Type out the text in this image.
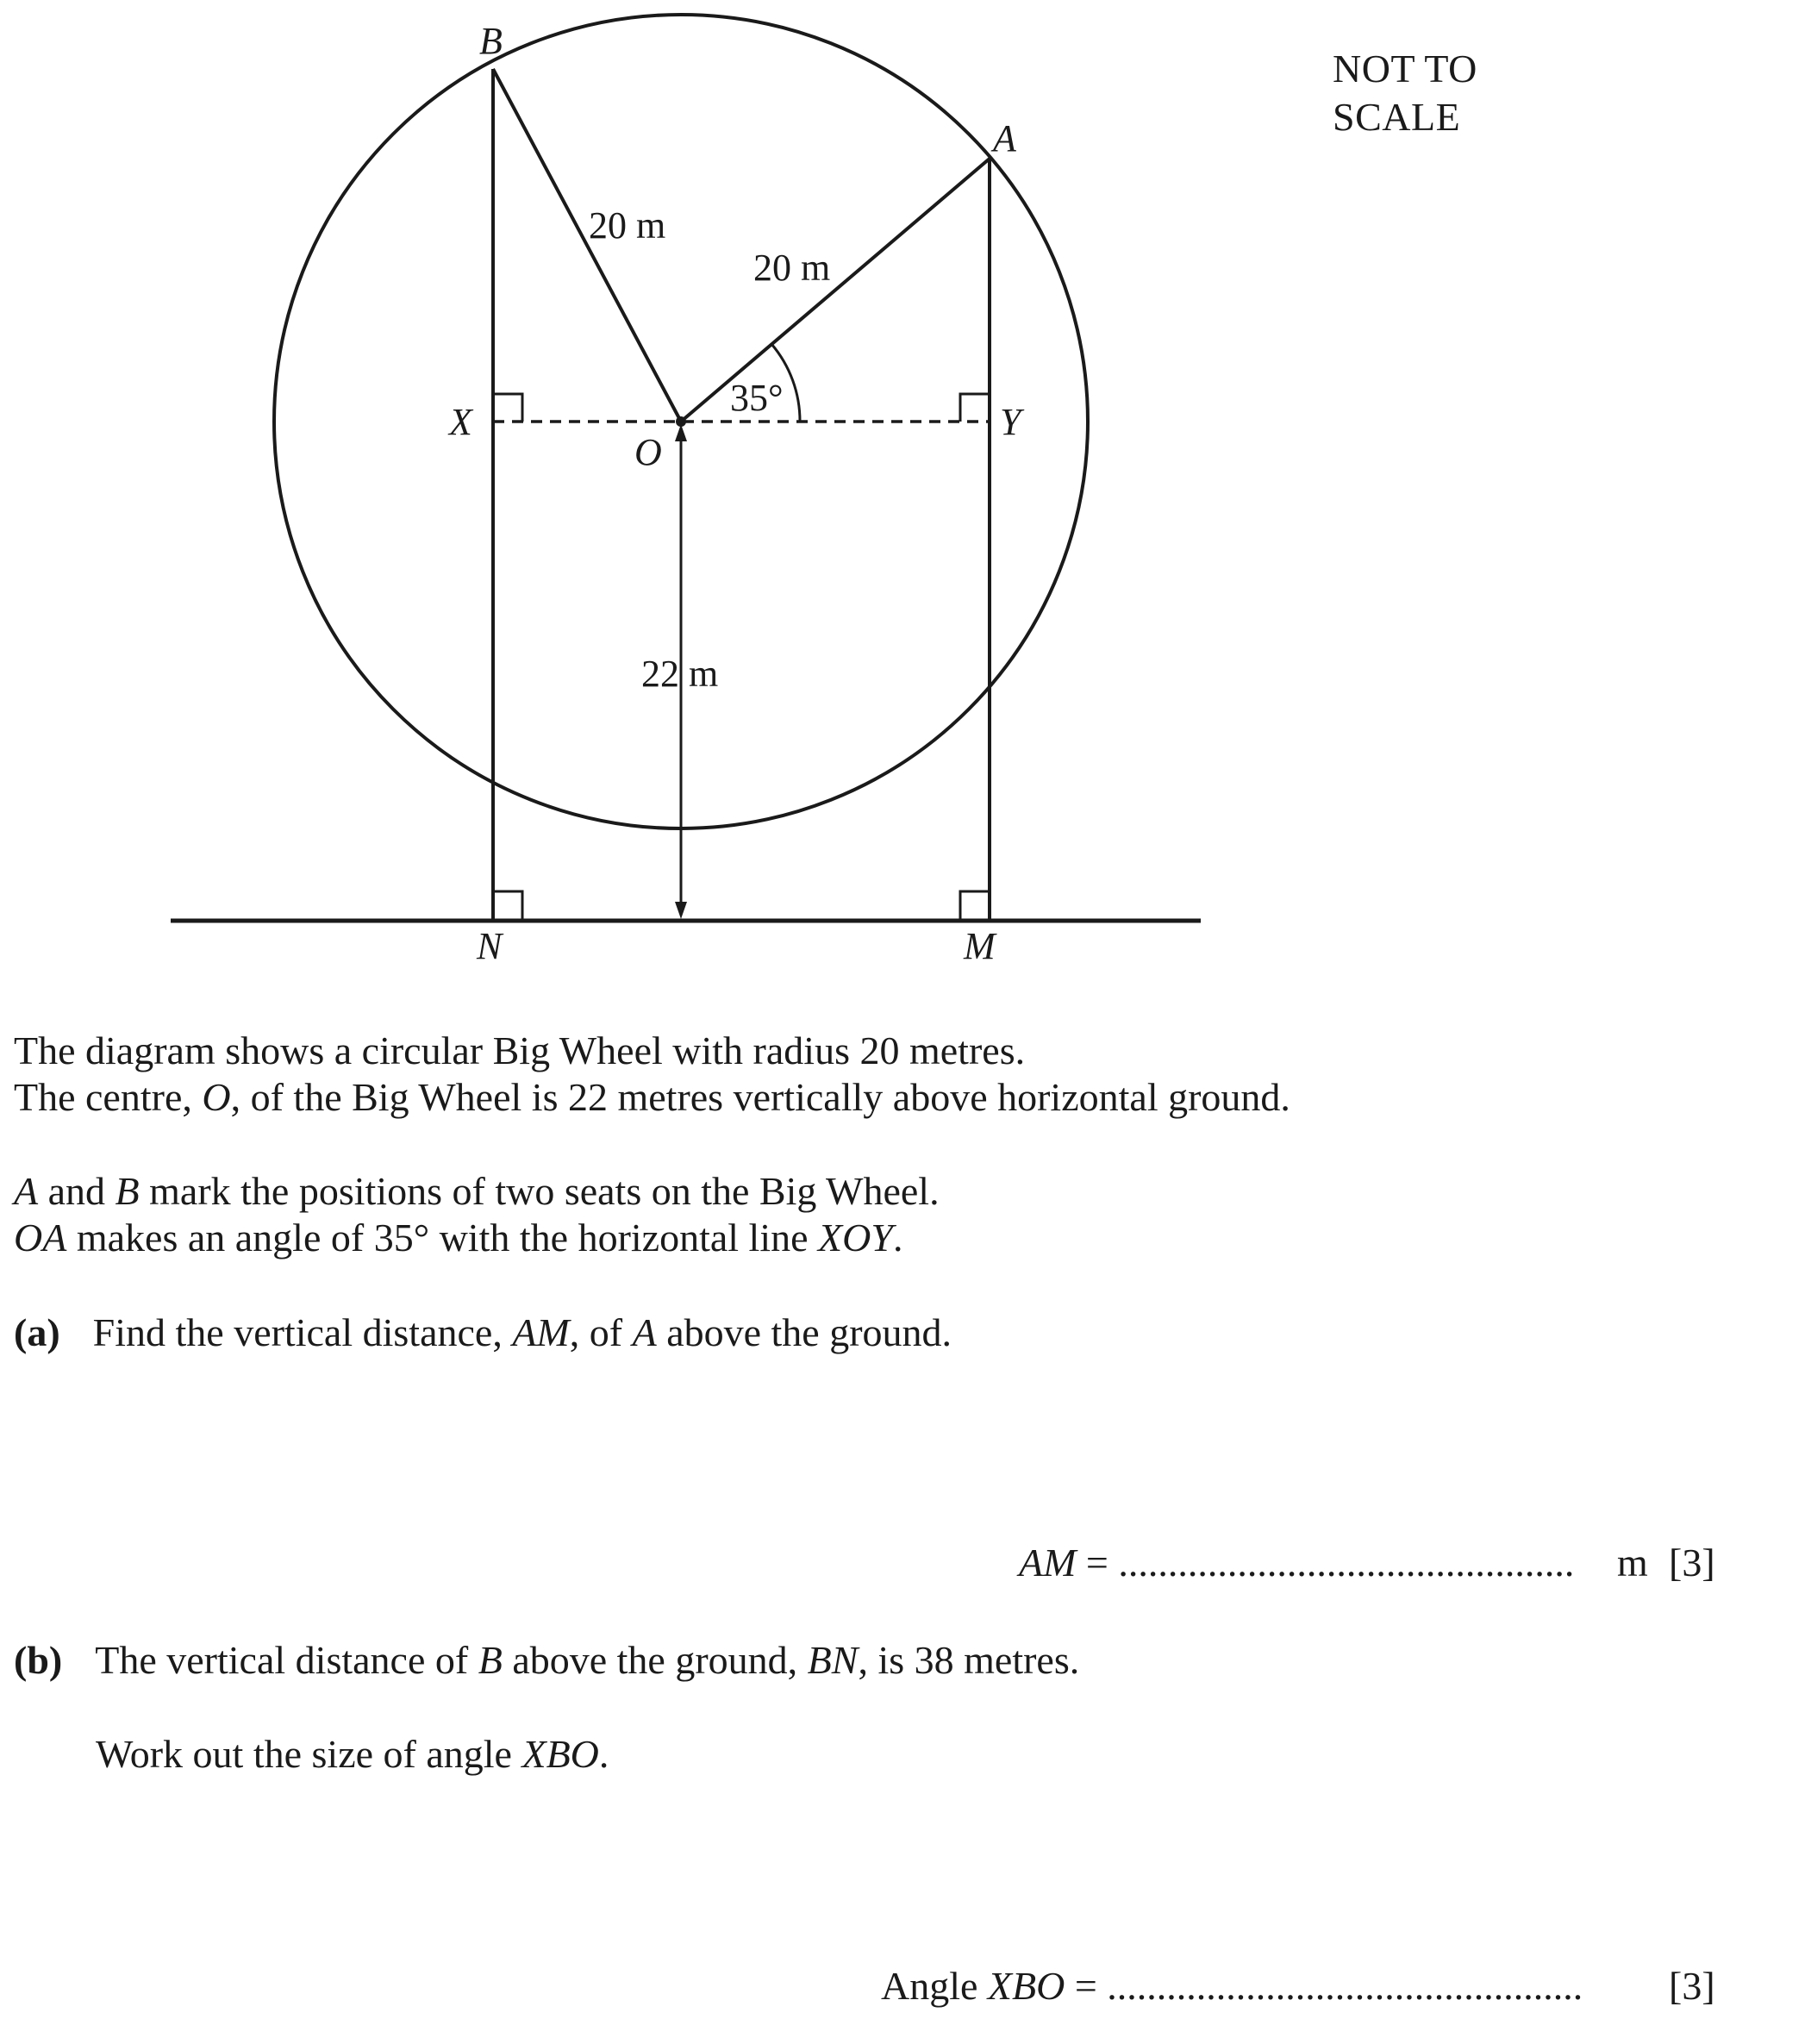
B
A
X	Y
O
N	M
20 m
20 m
22 m
35°
NOT TO
SCALE
The diagram shows a circular Big Wheel with radius 20 metres.
The centre, O, of the Big Wheel is 22 metres vertically above horizontal ground.
A and B mark the positions of two seats on the Big Wheel.
OA makes an angle of 35° with the horizontal line XOY.
(a) Find the vertical distance, AM, of A above the ground.
AM = .............................................. m [3]
(b) The vertical distance of B above the ground, BN, is 38 metres.
Work out the size of angle XBO.
Angle XBO = ................................................ [3]
